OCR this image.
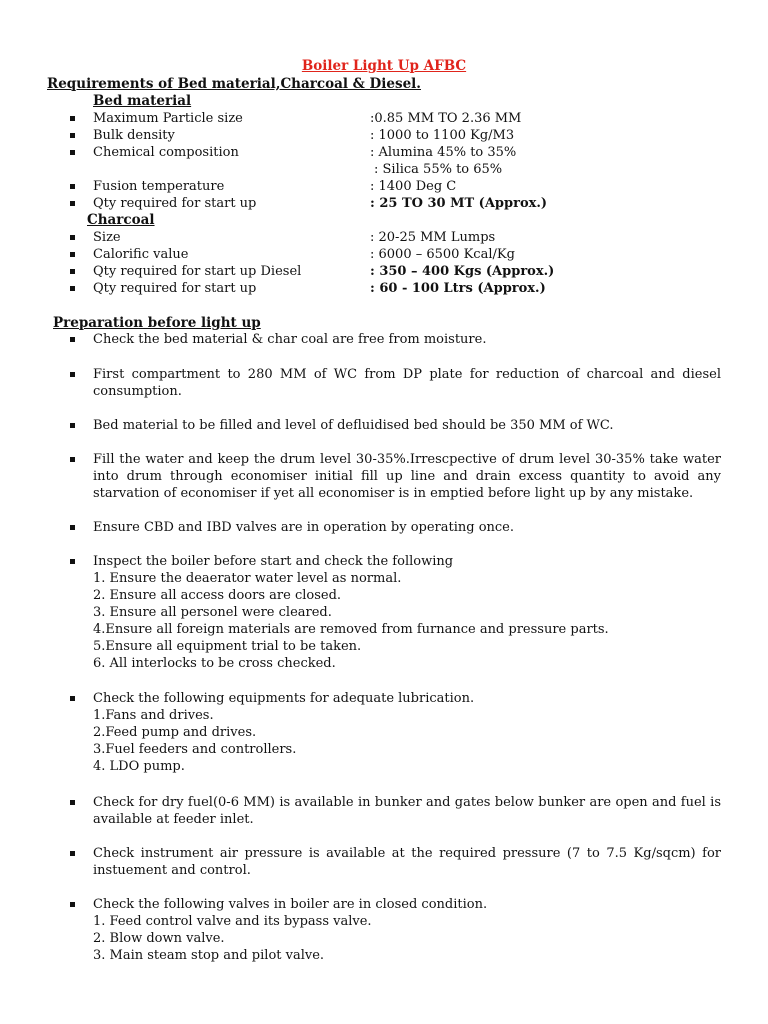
Boiler Light Up AFBC
Requirements of Bed material,Charcoal & Diesel.
Bed material
Maximum Particle size	:0.85 MM TO 2.36 MM
Bulk density	: 1000 to 1100 Kg/M3
Chemical composition	: Alumina 45% to 35%
: Silica 55% to 65%
Fusion temperature	: 1400 Deg C
Qty required for start up	: 25 TO 30 MT (Approx.)
Charcoal
Size	: 20-25 MM Lumps
Calorific value	: 6000 – 6500 Kcal/Kg
Qty required for start up Diesel	: 350 – 400 Kgs (Approx.)
Qty required for start up	: 60 - 100 Ltrs (Approx.)
Preparation before light up
Check the bed material & char coal are free from moisture.
First compartment to 280 MM of WC from DP plate for reduction of charcoal and diesel
consumption.
Bed material to be filled and level of defluidised bed should be 350 MM of WC.
Fill the water and keep the drum level 30-35%.Irrescpective of drum level 30-35% take water
into drum through economiser initial fill up line and drain excess quantity to avoid any
starvation of economiser if yet all economiser is in emptied before light up by any mistake.
Ensure CBD and IBD valves are in operation by operating once.
Inspect the boiler before start and check the following
1. Ensure the deaerator water level as normal.
2. Ensure all access doors are closed.
3. Ensure all personel were cleared.
4.Ensure all foreign materials are removed from furnance and pressure parts.
5.Ensure all equipment trial to be taken.
6. All interlocks to be cross checked.
Check the following equipments for adequate lubrication.
1.Fans and drives.
2.Feed pump and drives.
3.Fuel feeders and controllers.
4. LDO pump.
Check for dry fuel(0-6 MM) is available in bunker and gates below bunker are open and fuel is
available at feeder inlet.
Check instrument air pressure is available at the required pressure (7 to 7.5 Kg/sqcm) for
instuement and control.
Check the following valves in boiler are in closed condition.
1. Feed control valve and its bypass valve.
2. Blow down valve.
3. Main steam stop and pilot valve.
